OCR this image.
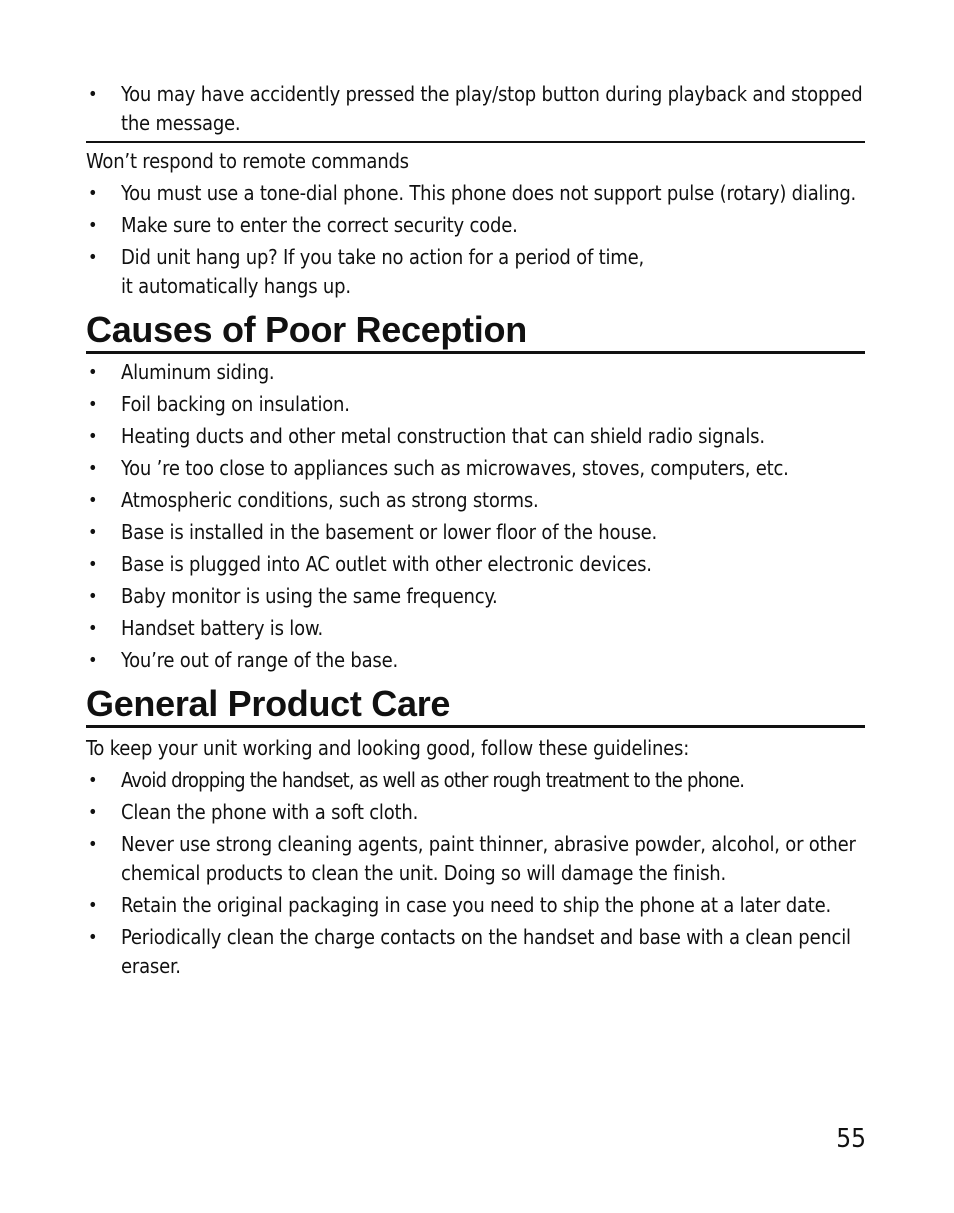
• You may have accidently pressed the play/stop button during playback and stopped the message.
Won’t respond to remote commands
• You must use a tone-dial phone. This phone does not support pulse (rotary) dialing.
• Make sure to enter the correct security code.
• Did unit hang up? If you take no action for a period of time,
it automatically hangs up.
Causes of Poor Reception
• Aluminum siding.
• Foil backing on insulation.
• Heating ducts and other metal construction that can shield radio signals.
• You ’re too close to appliances such as microwaves, stoves, computers, etc.
• Atmospheric conditions, such as strong storms.
• Base is installed in the basement or lower floor of the house.
• Base is plugged into AC outlet with other electronic devices.
• Baby monitor is using the same frequency.
• Handset battery is low.
• You’re out of range of the base.
General Product Care
To keep your unit working and looking good, follow these guidelines:
• Avoid dropping the handset, as well as other rough treatment to the phone.
• Clean the phone with a soft cloth.
• Never use strong cleaning agents, paint thinner, abrasive powder, alcohol, or other chemical products to clean the unit. Doing so will damage the finish.
• Retain the original packaging in case you need to ship the phone at a later date.
• Periodically clean the charge contacts on the handset and base with a clean pencil eraser.
55
